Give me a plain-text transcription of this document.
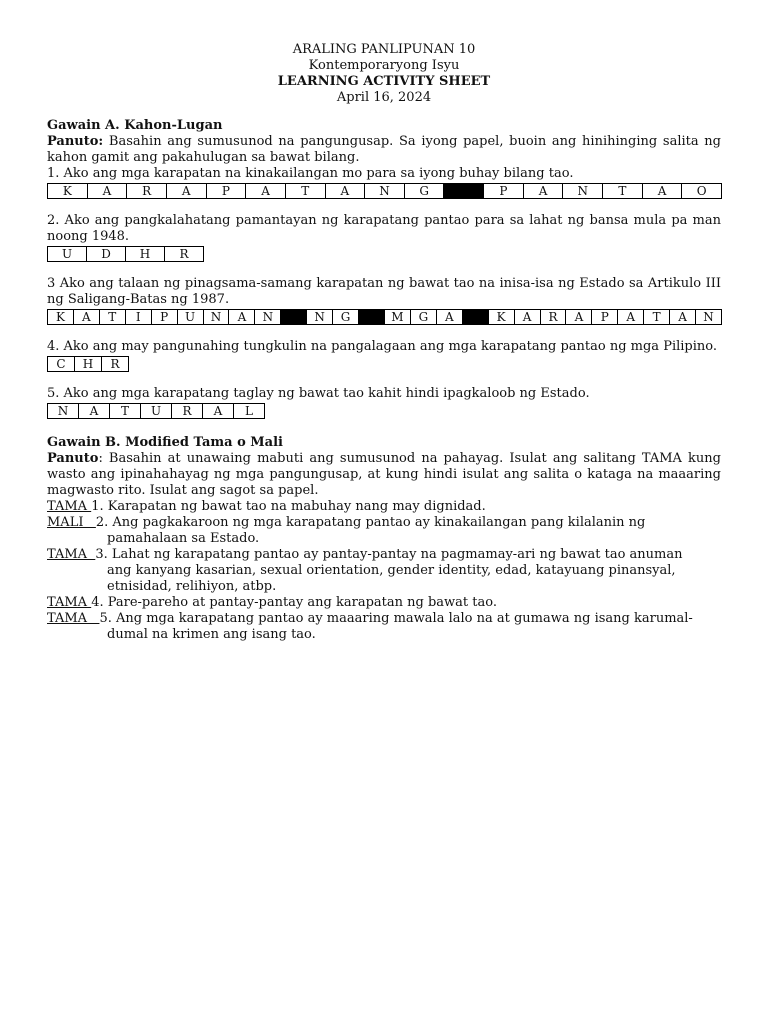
ARALING PANLIPUNAN 10
Kontemporaryong Isyu
LEARNING ACTIVITY SHEET
April 16, 2024
Gawain A. Kahon-Lugan

Panuto: Basahin ang sumusunod na pangungusap. Sa iyong papel, buoin ang hinihinging salita ng kahon gamit ang pakahulugan sa bawat bilang.

1. Ako ang mga karapatan na kinakailangan mo para sa iyong buhay bilang tao.

K	A	R	A	P	A	T	A	N	G	P	A	N	T	A	O

2. Ako ang pangkalahatang pamantayan ng karapatang pantao para sa lahat ng bansa mula pa man noong 1948.

U	D	H	R

3 Ako ang talaan ng pinagsama-samang karapatan ng bawat tao na inisa-isa ng Estado sa Artikulo III ng Saligang-Batas ng 1987.

K	A	T	I	P	U	N	A	N	N	G	M	G	A	K	A	R	A	P	A	T	A	N

4. Ako ang may pangunahing tungkulin na pangalagaan ang mga karapatang pantao ng mga Pilipino.

C	H	R

5. Ako ang mga karapatang taglay ng bawat tao kahit hindi ipagkaloob ng Estado.

N	A	T	U	R	A	L
Gawain B. Modified Tama o Mali

Panuto: Basahin at unawaing mabuti ang sumusunod na pahayag. Isulat ang salitang TAMA kung wasto ang ipinahahayag ng mga pangungusap, at kung hindi isulat ang salita o kataga na maaaring magwasto rito. Isulat ang sagot sa papel.

TAMA 1. Karapatan ng bawat tao na mabuhay nang may dignidad.
MALI   2. Ang pagkakaroon ng mga karapatang pantao ay kinakailangan pang kilalanin ng
pamahalaan sa Estado.
TAMA  3. Lahat ng karapatang pantao ay pantay-pantay na pagmamay-ari ng bawat tao anuman
ang kanyang kasarian, sexual orientation, gender identity, edad, katayuang pinansyal,
etnisidad, relihiyon, atbp.
TAMA 4. Pare-pareho at pantay-pantay ang karapatan ng bawat tao.
TAMA   5. Ang mga karapatang pantao ay maaaring mawala lalo na at gumawa ng isang karumal-
dumal na krimen ang isang tao.
